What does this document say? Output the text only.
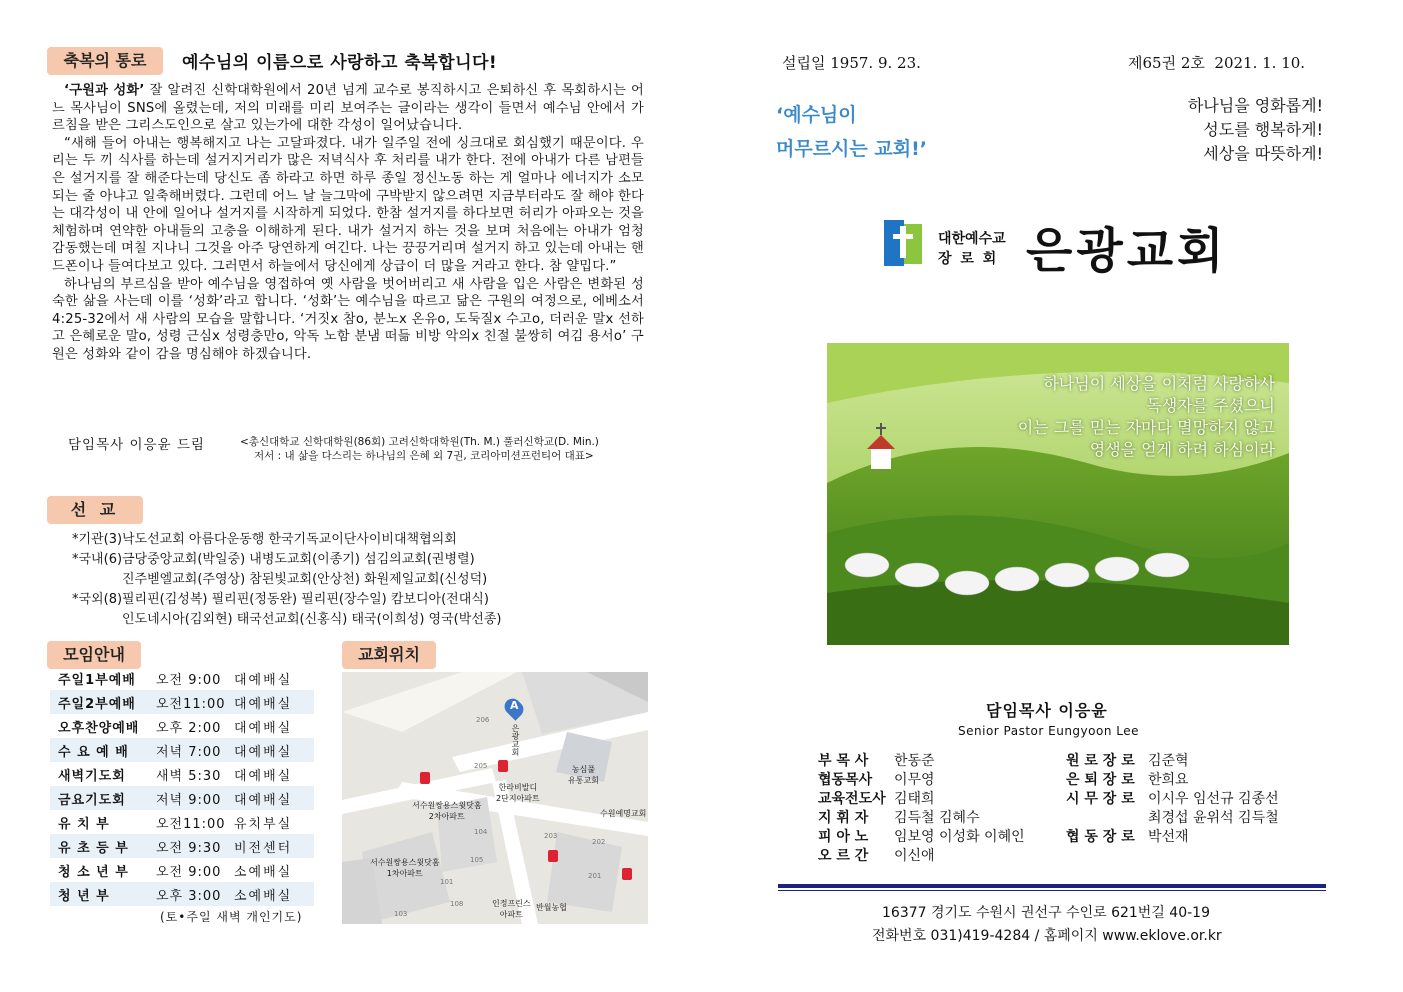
축복의 통로	예수님의 이름으로 사랑하고 축복합니다!

‘구원과 성화’ 잘 알려진 신학대학원에서 20년 넘게 교수로 봉직하시고 은퇴하신 후 목회하시는 어느 목사님이 SNS에 올렸는데, 저의 미래를 미리 보여주는 글이라는 생각이 들면서 예수님 안에서 가르침을 받은 그리스도인으로 살고 있는가에 대한 각성이 일어났습니다.

“새해 들어 아내는 행복해지고 나는 고달파졌다. 내가 일주일 전에 싱크대로 회심했기 때문이다. 우리는 두 끼 식사를 하는데 설거지거리가 많은 저녁식사 후 처리를 내가 한다. 전에 아내가 다른 남편들은 설거지를 잘 해준다는데 당신도 좀 하라고 하면 하루 종일 정신노동 하는 게 얼마나 에너지가 소모되는 줄 아냐고 일축해버렸다. 그런데 어느 날 늘그막에 구박받지 않으려면 지금부터라도 잘 해야 한다는 대각성이 내 안에 일어나 설거지를 시작하게 되었다. 한참 설거지를 하다보면 허리가 아파오는 것을 체험하며 연약한 아내들의 고충을 이해하게 된다. 내가 설거지 하는 것을 보며 처음에는 아내가 엄청 감동했는데 며칠 지나니 그것을 아주 당연하게 여긴다. 나는 끙끙거리며 설거지 하고 있는데 아내는 핸드폰이나 들여다보고 있다. 그러면서 하늘에서 당신에게 상급이 더 많을 거라고 한다. 참 얄밉다.”

하나님의 부르심을 받아 예수님을 영접하여 옛 사람을 벗어버리고 새 사람을 입은 사람은 변화된 성숙한 삶을 사는데 이를 ‘성화’라고 합니다. ‘성화’는 예수님을 따르고 닮은 구원의 여정으로, 에베소서 4:25-32에서 새 사람의 모습을 말합니다. ‘거짓x 참o, 분노x 온유o, 도둑질x 수고o, 더러운 말x 선하고 은혜로운 말o, 성령 근심x 성령충만o, 악독 노함 분냄 떠듦 비방 악의x 친절 불쌍히 여김 용서o’ 구원은 성화와 같이 감을 명심해야 하겠습니다.

담임목사 이응윤 드림	<총신대학교 신학대학원(86회) 고려신학대학원(Th. M.) 풀러신학교(D. Min.)
저서 : 내 삶을 다스리는 하나님의 은혜 외 7권, 코리아미션프런티어 대표>
선 교
*기관(3)낙도선교회 아름다운동행 한국기독교이단사이비대책협의회
*국내(6)금당중앙교회(박일중) 내병도교회(이종기) 섬김의교회(권병렬)
진주벧엘교회(주영상) 참된빛교회(안상천) 화원제일교회(신성덕)
*국외(8)필리핀(김성복) 필리핀(정동완) 필리핀(장수일) 캄보디아(전대식)
인도네시아(김외현) 태국선교회(신홍식) 태국(이희성) 영국(박선종)
모임안내
주일1부예배	오전 9:00	대예배실
주일2부예배	오전11:00	대예배실
오후찬양예배	오후 2:00	대예배실
수 요 예 배	저녁 7:00	대예배실
새벽기도회	새벽 5:30	대예배실
금요기도회	저녁 9:00	대예배실
유 치 부	오전11:00	유치부실
유 초 등 부	오전 9:30	비전센터
청 소 년 부	오전 9:00	소예배실
청 년 부	오후 3:00	소예배실
(토•주일 새벽 개인기도)
교회위치
A
은광교회
서수원쌍용스윗닷홈
2차아파트
한라비발디
2단지아파트
서수원쌍용스윗닷홈
1차아파트
인정프린스
아파트
농심풀
유통교회
수원예명교회
반월농협
206
205
103
104
101
203
202
201
105
108
설립일 1957. 9. 23.	제65권 2호  2021. 1. 10.
‘예수님이
머무르시는 교회!’
하나님을 영화롭게!
성도를 행복하게!
세상을 따뜻하게!
대한예수교
장 로 회 은광교회
하나님이 세상을 이처럼 사랑하사
독생자를 주셨으니
이는 그를 믿는 자마다 멸망하지 않고
영생을 얻게 하려 하심이라
담임목사 이응윤
Senior Pastor Eungyoon Lee
부 목 사 한동준
협동목사 이무영
교육전도사 김태희
지 휘 자 김득철 김혜수
피 아 노 임보영 이성화 이혜인
오 르 간 이신애
원 로 장 로 김준혁
은 퇴 장 로 한희요
시 무 장 로 이시우 임선규 김종선
최경섭 윤위석 김득철
협 동 장 로 박선재
16377 경기도 수원시 권선구 수인로 621번길 40-19
전화번호 031)419-4284 / 홈페이지 www.eklove.or.kr
